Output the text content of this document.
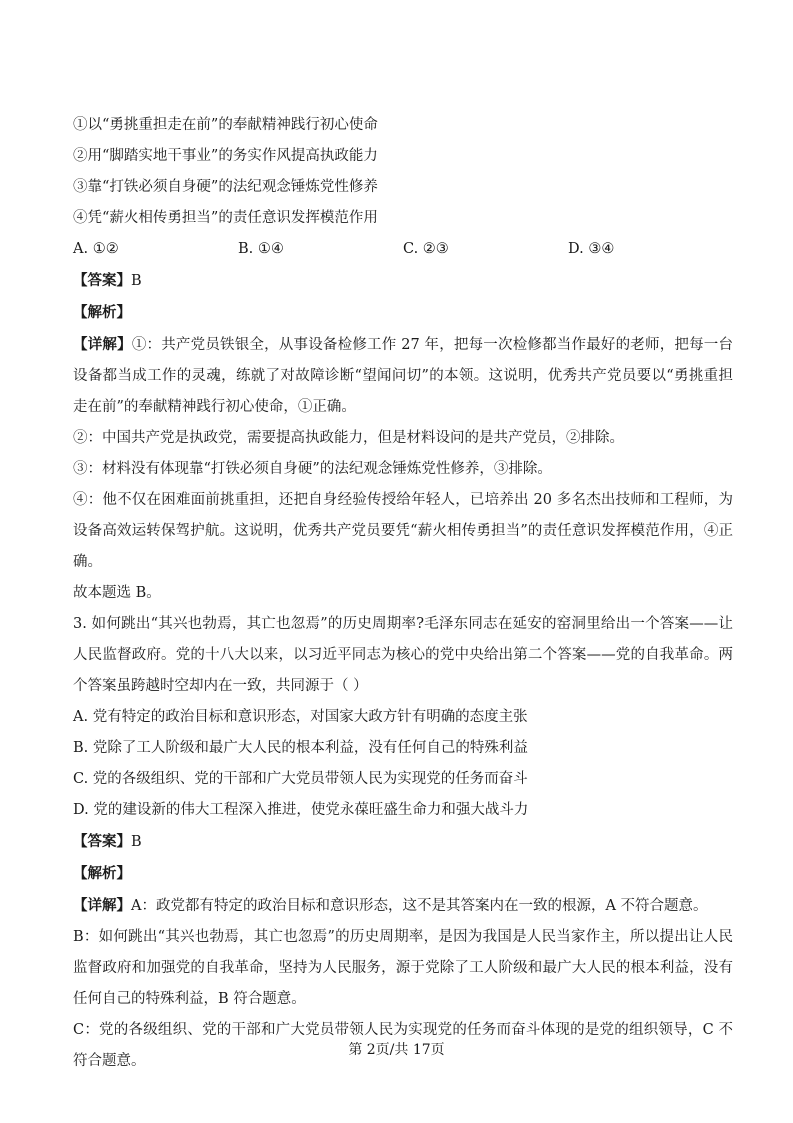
①以“勇挑重担走在前”的奉献精神践行初心使命
②用“脚踏实地干事业”的务实作风提高执政能力
③靠“打铁必须自身硬”的法纪观念锤炼党性修养
④凭“薪火相传勇担当”的责任意识发挥模范作用
A. ①②	B. ①④	C. ②③	D. ③④
【答案】B
【解析】
【详解】①：共产党员铁银全，从事设备检修工作 27 年，把每一次检修都当作最好的老师，把每一台设备都当成工作的灵魂，练就了对故障诊断“望闻问切”的本领。这说明，优秀共产党员要以“勇挑重担走在前”的奉献精神践行初心使命，①正确。
②：中国共产党是执政党，需要提高执政能力，但是材料设问的是共产党员，②排除。
③：材料没有体现靠“打铁必须自身硬”的法纪观念锤炼党性修养，③排除。
④：他不仅在困难面前挑重担，还把自身经验传授给年轻人，已培养出 20 多名杰出技师和工程师，为设备高效运转保驾护航。这说明，优秀共产党员要凭“薪火相传勇担当”的责任意识发挥模范作用，④正确。
故本题选 B。
3. 如何跳出“其兴也勃焉，其亡也忽焉”的历史周期率?毛泽东同志在延安的窑洞里给出一个答案——让人民监督政府。党的十八大以来，以习近平同志为核心的党中央给出第二个答案——党的自我革命。两个答案虽跨越时空却内在一致，共同源于（ ）
A. 党有特定的政治目标和意识形态，对国家大政方针有明确的态度主张
B. 党除了工人阶级和最广大人民的根本利益，没有任何自己的特殊利益
C. 党的各级组织、党的干部和广大党员带领人民为实现党的任务而奋斗
D. 党的建设新的伟大工程深入推进，使党永葆旺盛生命力和强大战斗力
【答案】B
【解析】
【详解】A：政党都有特定的政治目标和意识形态，这不是其答案内在一致的根源，A 不符合题意。
B：如何跳出“其兴也勃焉，其亡也忽焉”的历史周期率，是因为我国是人民当家作主，所以提出让人民监督政府和加强党的自我革命，坚持为人民服务，源于党除了工人阶级和最广大人民的根本利益，没有任何自己的特殊利益，B 符合题意。
C：党的各级组织、党的干部和广大党员带领人民为实现党的任务而奋斗体现的是党的组织领导，C 不符合题意。
第 2页/共 17页
